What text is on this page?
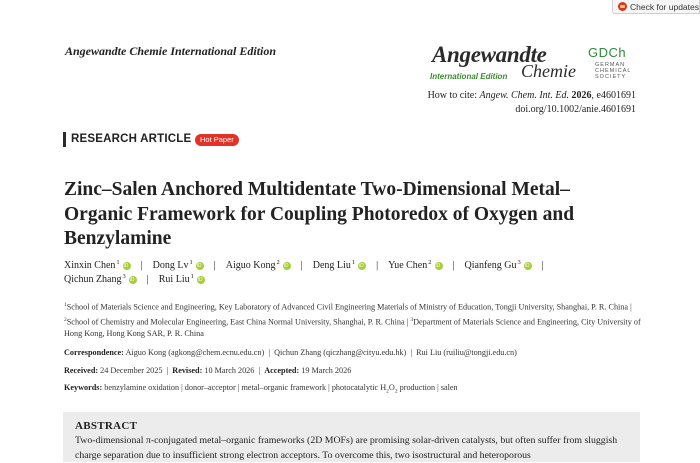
Check for updates
Angewandte Chemie International Edition	Angewandte
Chemie
International Edition
GDCh
GERMAN
CHEMICAL
SOCIETY
How to cite: Angew. Chem. Int. Ed. 2026, e4601691
doi.org/10.1002/anie.4601691
RESEARCH ARTICLE	Hot Paper
Zinc–Salen Anchored Multidentate Two-Dimensional Metal–Organic Framework for Coupling Photoredox of Oxygen and Benzylamine
Xinxin Chen$^1$ iD | Dong Lv$^1$ iD | Aiguo Kong$^2$ iD | Deng Liu$^1$ iD | Yue Chen$^2$ iD | Qianfeng Gu$^3$ iD |
Qichun Zhang$^3$ iD | Rui Liu$^1$
iD
$^1$School of Materials Science and Engineering, Key Laboratory of Advanced Civil Engineering Materials of Ministry of Education, Tongji University, Shanghai, P. R. China | $^2$School of Chemistry and Molecular Engineering, East China Normal University, Shanghai, P. R. China | $^3$Department of Materials Science and Engineering, City University of Hong Kong, Hong Kong SAR, P. R. China
Correspondence: Aiguo Kong (agkong@chem.ecnu.edu.cn)  |  Qichun Zhang (qiczhang@cityu.edu.hk)  |  Rui Liu (ruiliu@tongji.edu.cn)
Received: 24 December 2025  |  Revised: 10 March 2026  |  Accepted: 19 March 2026
Keywords: benzylamine oxidation | donor–acceptor | metal–organic framework | photocatalytic $H_2O_2$ production | salen
ABSTRACT
Two-dimensional π-conjugated metal–organic frameworks (2D MOFs) are promising solar-driven catalysts, but often suffer from sluggish charge separation due to insufficient strong electron acceptors. To overcome this, two isostructural and heteroporous
